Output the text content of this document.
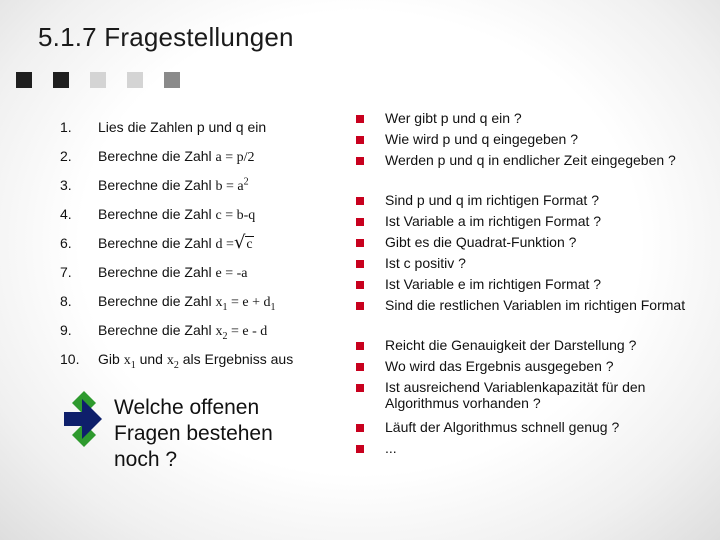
5.1.7 Fragestellungen
1.	Lies die Zahlen p und q ein
2.	Berechne die Zahl a = p/2
3.	Berechne die Zahl $b = a^2$
4.	Berechne die Zahl c = b-q
6.	Berechne die Zahl d =√c
7.	Berechne die Zahl e = -a
8.	Berechne die Zahl $x_1 = e + d_1$
9.	Berechne die Zahl $x_2 = e - d$
10.	Gib $x_1$ und $x_2$ als Ergebniss aus
Welche offenen
Fragen bestehen
noch ?
Wer gibt p und q ein ?
Wie wird p und q eingegeben ?
Werden p und q in endlicher Zeit eingegeben ?
Sind p und q im richtigen Format ?
Ist Variable a im richtigen Format ?
Gibt es die Quadrat-Funktion ?
Ist c positiv ?
Ist Variable e im richtigen Format ?
Sind die restlichen Variablen im richtigen Format
Reicht die Genauigkeit der Darstellung ?
Wo wird das Ergebnis ausgegeben ?
Ist ausreichend Variablenkapazität für den Algorithmus vorhanden ?
Läuft der Algorithmus schnell genug ?
...
